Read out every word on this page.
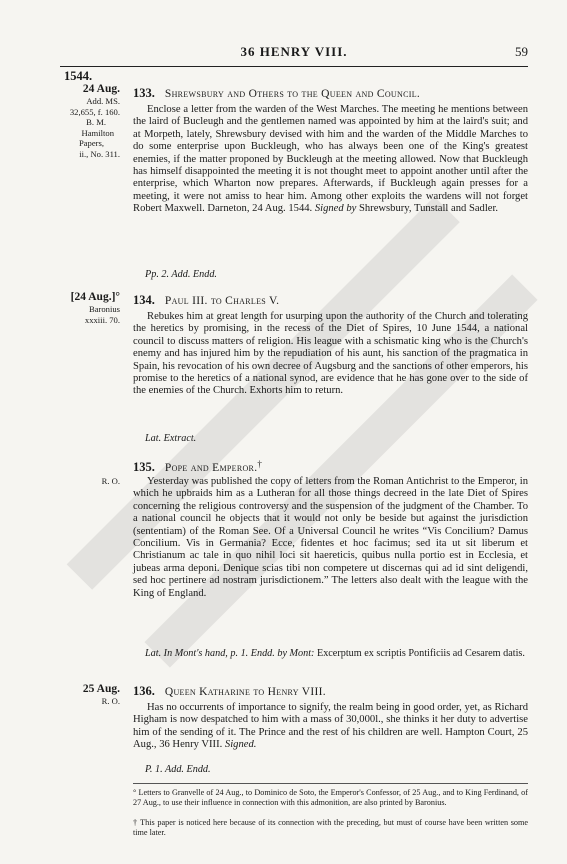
36 HENRY VIII.	59
1544.
24 Aug.
Add. MS.
32,655, f. 160.
B. M.
Hamilton
Papers,
ii., No. 311.
133. Shrewsbury and Others to the Queen and Council.
Enclose a letter from the warden of the West Marches. The meeting he mentions between the laird of Bucleugh and the gentlemen named was appointed by him at the laird's suit; and at Morpeth, lately, Shrewsbury devised with him and the warden of the Middle Marches to do some enterprise upon Buckleugh, who has always been one of the King's greatest enemies, if the matter proponed by Buckleugh at the meeting allowed. Now that Buckleugh has himself disappointed the meeting it is not thought meet to appoint another until after the enterprise, which Wharton now prepares. Afterwards, if Buckleugh again presses for a meeting, it were not amiss to hear him. Among other exploits the wardens will not forget Robert Maxwell. Darneton, 24 Aug. 1544. Signed by Shrewsbury, Tunstall and Sadler.
Pp. 2. Add. Endd.
[24 Aug.]°
Baronius
xxxiii. 70.
134. Paul III. to Charles V.
Rebukes him at great length for usurping upon the authority of the Church and tolerating the heretics by promising, in the recess of the Diet of Spires, 10 June 1544, a national council to discuss matters of religion. His league with a schismatic king who is the Church's enemy and has injured him by the repudiation of his aunt, his sanction of the pragmatica in Spain, his revocation of his own decree of Augsburg and the sanctions of other emperors, his promise to the heretics of a national synod, are evidence that he has gone over to the side of the enemies of the Church. Exhorts him to return.
Lat. Extract.
135. Pope and Emperor.†
R. O.	Yesterday was published the copy of letters from the Roman Antichrist to the Emperor, in which he upbraids him as a Lutheran for all those things decreed in the late Diet of Spires concerning the religious controversy and the suspension of the judgment of the Chamber. To a national council he objects that it would not only be beside but against the jurisdiction (sententiam) of the Roman See. Of a Universal Council he writes “Vis Concilium? Damus Concilium. Vis in Germania? Ecce, fidentes et hoc facimus; sed ita ut sit liberum et Christianum ac tale in quo nihil loci sit haereticis, quibus nulla portio est in Ecclesia, et jubeas arma deponi. Denique scias tibi non competere ut discernas qui ad id sint deligendi, sed hoc pertinere ad nostram jurisdictionem.” The letters also dealt with the league with the King of England.
Lat. In Mont's hand, p. 1. Endd. by Mont: Excerptum ex scriptis Pontificiis ad Cesarem datis.
25 Aug.
R. O.
136. Queen Katharine to Henry VIII.
Has no occurrents of importance to signify, the realm being in good order, yet, as Richard Higham is now despatched to him with a mass of 30,000l., she thinks it her duty to advertise him of the sending of it. The Prince and the rest of his children are well. Hampton Court, 25 Aug., 36 Henry VIII. Signed.
P. 1. Add. Endd.
° Letters to Granvelle of 24 Aug., to Dominico de Soto, the Emperor's Confessor, of 25 Aug., and to King Ferdinand, of 27 Aug., to use their influence in connection with this admonition, are also printed by Baronius.
† This paper is noticed here because of its connection with the preceding, but must of course have been written some time later.
